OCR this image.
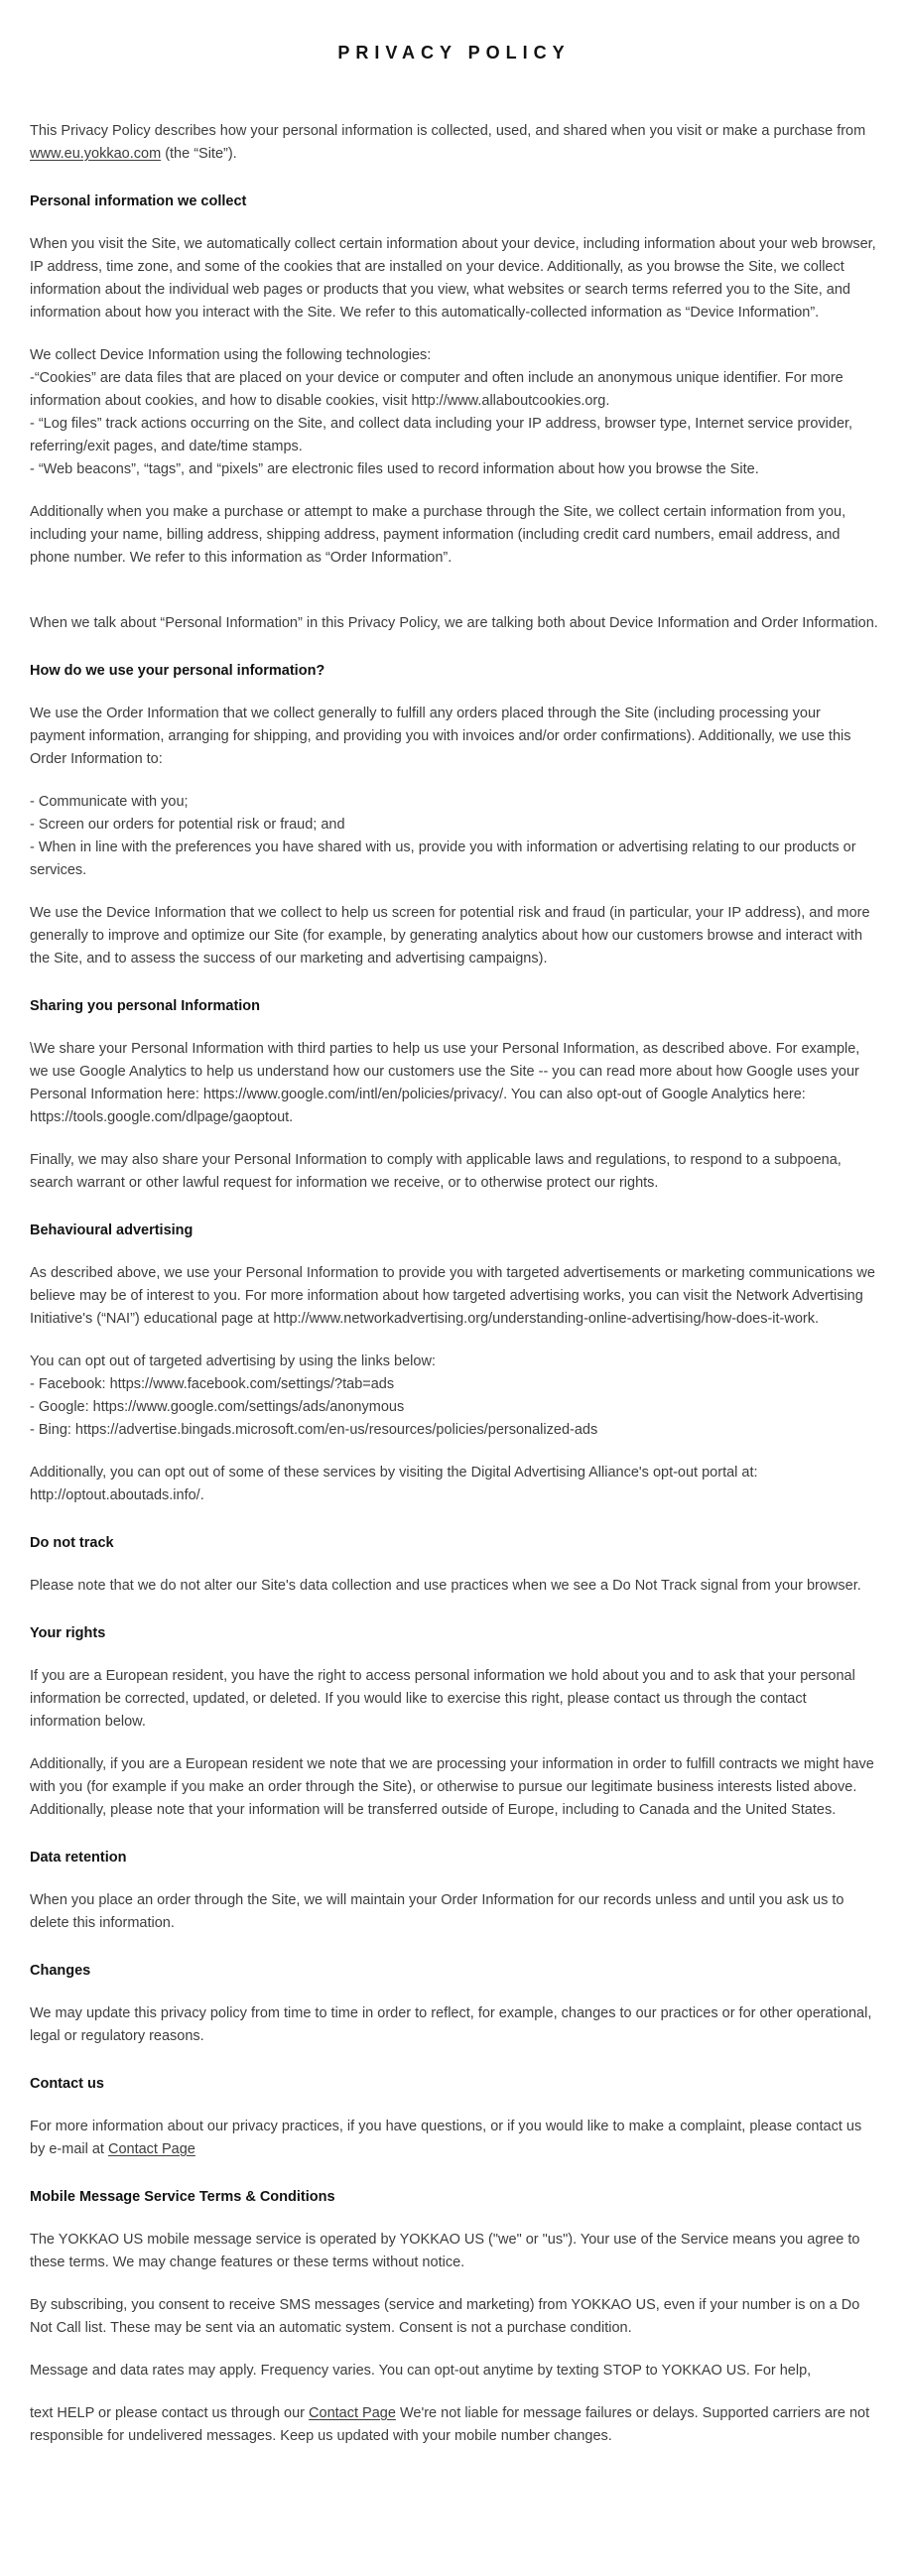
PRIVACY POLICY
This Privacy Policy describes how your personal information is collected, used, and shared when you visit or make a purchase from www.eu.yokkao.com (the “Site”).
Personal information we collect
When you visit the Site, we automatically collect certain information about your device, including information about your web browser, IP address, time zone, and some of the cookies that are installed on your device. Additionally, as you browse the Site, we collect information about the individual web pages or products that you view, what websites or search terms referred you to the Site, and information about how you interact with the Site. We refer to this automatically-collected information as “Device Information”.
We collect Device Information using the following technologies:
-“Cookies” are data files that are placed on your device or computer and often include an anonymous unique identifier. For more information about cookies, and how to disable cookies, visit http://www.allaboutcookies.org.
- “Log files” track actions occurring on the Site, and collect data including your IP address, browser type, Internet service provider, referring/exit pages, and date/time stamps.
- “Web beacons”, “tags”, and “pixels” are electronic files used to record information about how you browse the Site.
Additionally when you make a purchase or attempt to make a purchase through the Site, we collect certain information from you, including your name, billing address, shipping address, payment information (including credit card numbers, email address, and phone number. We refer to this information as “Order Information”.
When we talk about “Personal Information” in this Privacy Policy, we are talking both about Device Information and Order Information.
How do we use your personal information?
We use the Order Information that we collect generally to fulfill any orders placed through the Site (including processing your payment information, arranging for shipping, and providing you with invoices and/or order confirmations). Additionally, we use this Order Information to:
- Communicate with you;
- Screen our orders for potential risk or fraud; and
- When in line with the preferences you have shared with us, provide you with information or advertising relating to our products or services.
We use the Device Information that we collect to help us screen for potential risk and fraud (in particular, your IP address), and more generally to improve and optimize our Site (for example, by generating analytics about how our customers browse and interact with the Site, and to assess the success of our marketing and advertising campaigns).
Sharing you personal Information
\We share your Personal Information with third parties to help us use your Personal Information, as described above. For example, we use Google Analytics to help us understand how our customers use the Site -- you can read more about how Google uses your Personal Information here: https://www.google.com/intl/en/policies/privacy/. You can also opt-out of Google Analytics here: https://tools.google.com/dlpage/gaoptout.
Finally, we may also share your Personal Information to comply with applicable laws and regulations, to respond to a subpoena, search warrant or other lawful request for information we receive, or to otherwise protect our rights.
Behavioural advertising
As described above, we use your Personal Information to provide you with targeted advertisements or marketing communications we believe may be of interest to you. For more information about how targeted advertising works, you can visit the Network Advertising Initiative's (“NAI”) educational page at http://www.networkadvertising.org/understanding-online-advertising/how-does-it-work.
You can opt out of targeted advertising by using the links below:
- Facebook: https://www.facebook.com/settings/?tab=ads
- Google: https://www.google.com/settings/ads/anonymous
- Bing: https://advertise.bingads.microsoft.com/en-us/resources/policies/personalized-ads
Additionally, you can opt out of some of these services by visiting the Digital Advertising Alliance's opt-out portal at: http://optout.aboutads.info/.
Do not track
Please note that we do not alter our Site's data collection and use practices when we see a Do Not Track signal from your browser.
Your rights
If you are a European resident, you have the right to access personal information we hold about you and to ask that your personal information be corrected, updated, or deleted. If you would like to exercise this right, please contact us through the contact information below.
Additionally, if you are a European resident we note that we are processing your information in order to fulfill contracts we might have with you (for example if you make an order through the Site), or otherwise to pursue our legitimate business interests listed above. Additionally, please note that your information will be transferred outside of Europe, including to Canada and the United States.
Data retention
When you place an order through the Site, we will maintain your Order Information for our records unless and until you ask us to delete this information.
Changes
We may update this privacy policy from time to time in order to reflect, for example, changes to our practices or for other operational, legal or regulatory reasons.
Contact us
For more information about our privacy practices, if you have questions, or if you would like to make a complaint, please contact us by e-mail at Contact Page
Mobile Message Service Terms & Conditions
The YOKKAO US mobile message service is operated by YOKKAO US ("we" or "us"). Your use of the Service means you agree to these terms. We may change features or these terms without notice.
By subscribing, you consent to receive SMS messages (service and marketing) from YOKKAO US, even if your number is on a Do Not Call list. These may be sent via an automatic system. Consent is not a purchase condition.
Message and data rates may apply. Frequency varies. You can opt-out anytime by texting STOP to YOKKAO US. For help,
text HELP or please contact us through our Contact Page We're not liable for message failures or delays. Supported carriers are not responsible for undelivered messages. Keep us updated with your mobile number changes.
